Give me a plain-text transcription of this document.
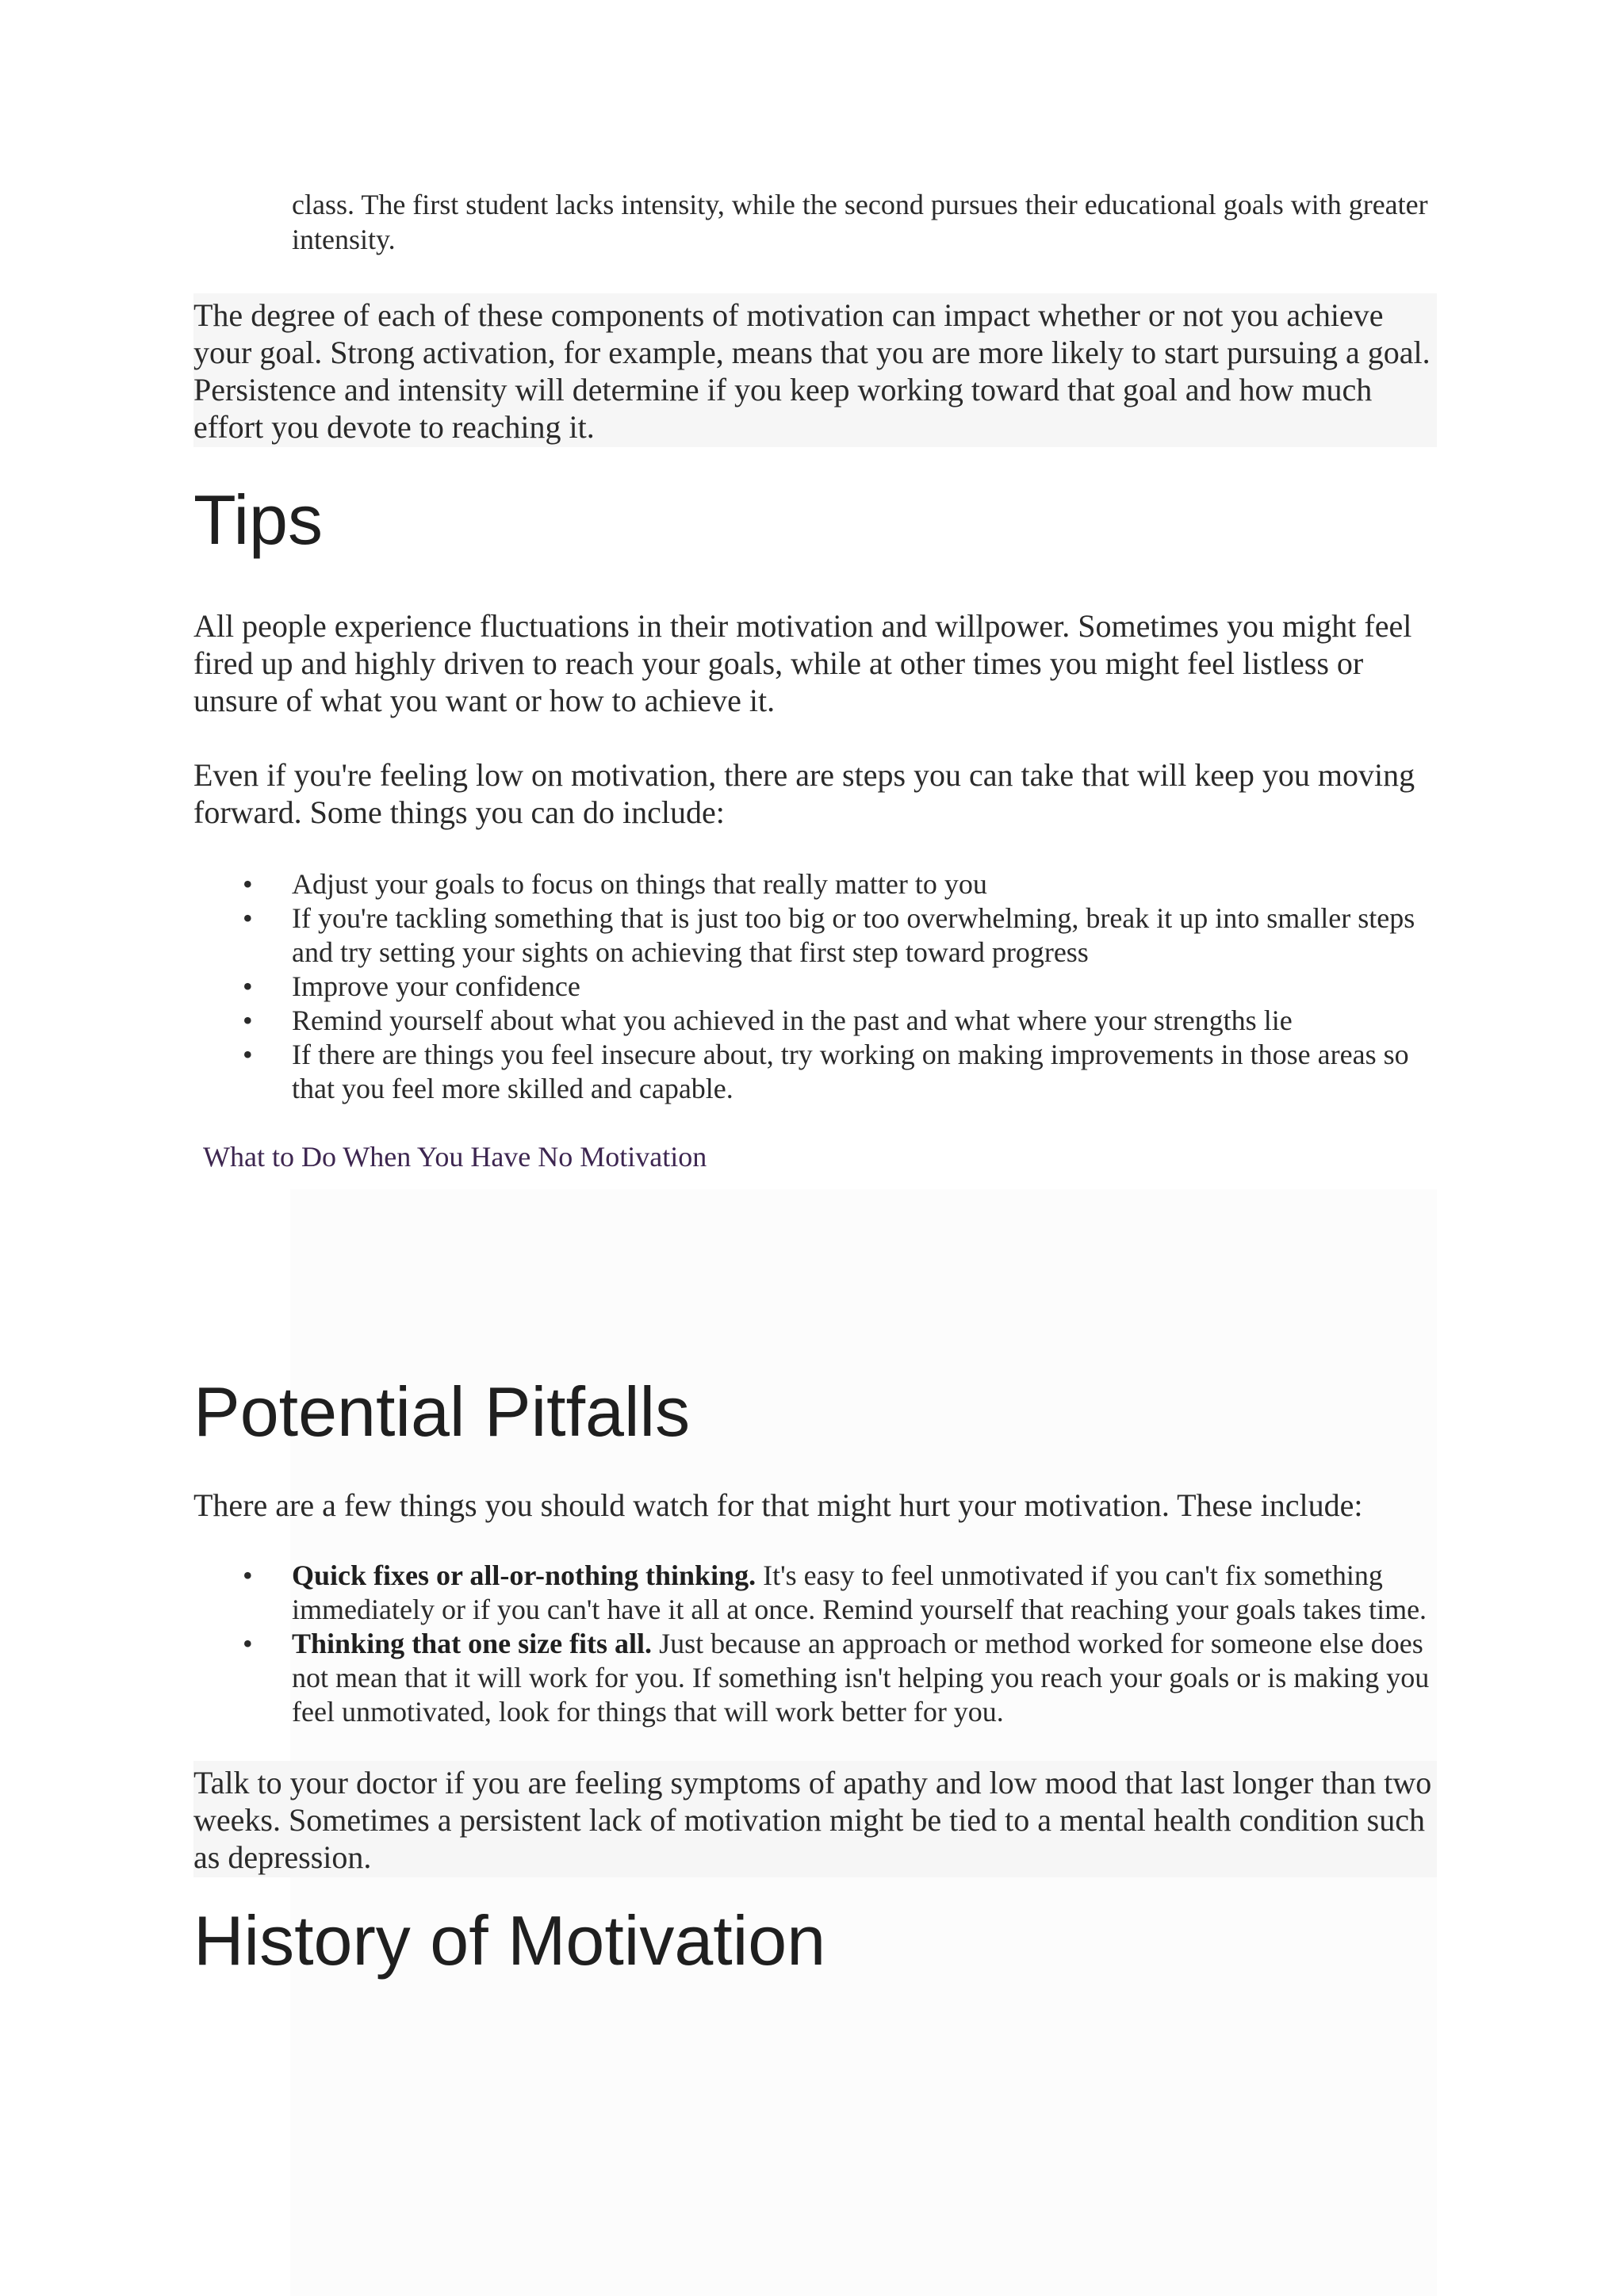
class. The first student lacks intensity, while the second pursues their educational goals with greater intensity.

The degree of each of these components of motivation can impact whether or not you achieve your goal. Strong activation, for example, means that you are more likely to start pursuing a goal. Persistence and intensity will determine if you keep working toward that goal and how much effort you devote to reaching it.

Tips

All people experience fluctuations in their motivation and willpower. Sometimes you might feel fired up and highly driven to reach your goals, while at other times you might feel listless or unsure of what you want or how to achieve it.

Even if you're feeling low on motivation, there are steps you can take that will keep you moving forward. Some things you can do include:

• Adjust your goals to focus on things that really matter to you
• If you're tackling something that is just too big or too overwhelming, break it up into smaller steps and try setting your sights on achieving that first step toward progress
• Improve your confidence
• Remind yourself about what you achieved in the past and what where your strengths lie
• If there are things you feel insecure about, try working on making improvements in those areas so that you feel more skilled and capable.
What to Do When You Have No Motivation
Potential Pitfalls

There are a few things you should watch for that might hurt your motivation. These include:

• Quick fixes or all-or-nothing thinking. It's easy to feel unmotivated if you can't fix something immediately or if you can't have it all at once. Remind yourself that reaching your goals takes time.
• Thinking that one size fits all. Just because an approach or method worked for someone else does not mean that it will work for you. If something isn't helping you reach your goals or is making you feel unmotivated, look for things that will work better for you.

Talk to your doctor if you are feeling symptoms of apathy and low mood that last longer than two weeks. Sometimes a persistent lack of motivation might be tied to a mental health condition such as depression.

History of Motivation
